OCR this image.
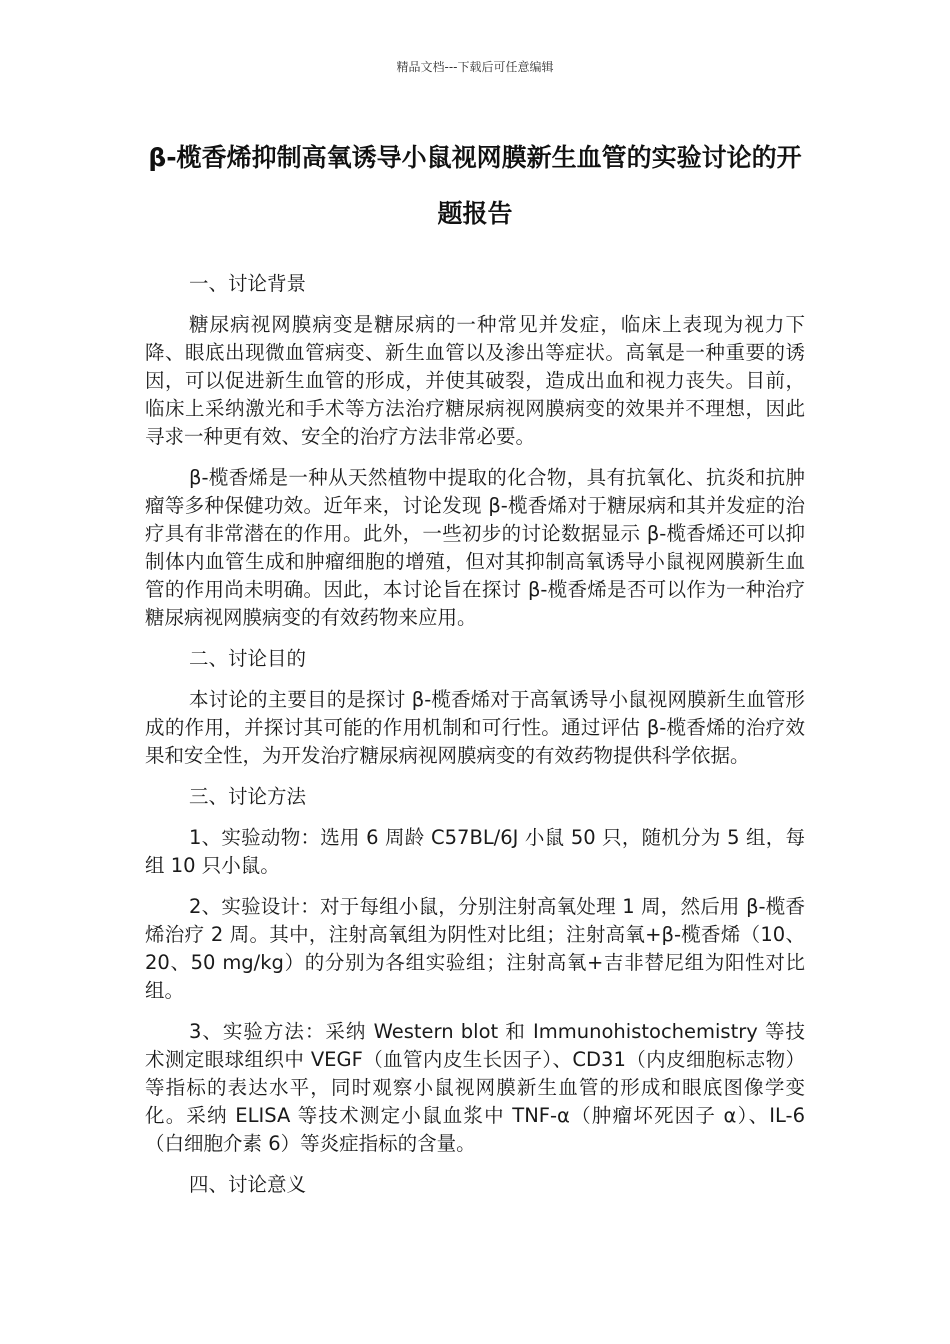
精品文档---下载后可任意编辑
β-榄香烯抑制高氧诱导小鼠视网膜新生血管的实验讨论的开题报告
一、讨论背景
糖尿病视网膜病变是糖尿病的一种常见并发症，临床上表现为视力下降、眼底出现微血管病变、新生血管以及渗出等症状。高氧是一种重要的诱因，可以促进新生血管的形成，并使其破裂，造成出血和视力丧失。目前，临床上采纳激光和手术等方法治疗糖尿病视网膜病变的效果并不理想，因此寻求一种更有效、安全的治疗方法非常必要。
β-榄香烯是一种从天然植物中提取的化合物，具有抗氧化、抗炎和抗肿瘤等多种保健功效。近年来，讨论发现 β-榄香烯对于糖尿病和其并发症的治疗具有非常潜在的作用。此外，一些初步的讨论数据显示 β-榄香烯还可以抑制体内血管生成和肿瘤细胞的增殖，但对其抑制高氧诱导小鼠视网膜新生血管的作用尚未明确。因此，本讨论旨在探讨 β-榄香烯是否可以作为一种治疗糖尿病视网膜病变的有效药物来应用。
二、讨论目的
本讨论的主要目的是探讨 β-榄香烯对于高氧诱导小鼠视网膜新生血管形成的作用，并探讨其可能的作用机制和可行性。通过评估 β-榄香烯的治疗效果和安全性，为开发治疗糖尿病视网膜病变的有效药物提供科学依据。
三、讨论方法
1、实验动物：选用 6 周龄 C57BL/6J 小鼠 50 只，随机分为 5 组，每组 10 只小鼠。
2、实验设计：对于每组小鼠，分别注射高氧处理 1 周，然后用 β-榄香烯治疗 2 周。其中，注射高氧组为阴性对比组；注射高氧+β-榄香烯（10、20、50 mg/kg）的分别为各组实验组；注射高氧+吉非替尼组为阳性对比组。
3、实验方法：采纳 Western blot 和 Immunohistochemistry 等技术测定眼球组织中 VEGF（血管内皮生长因子）、CD31（内皮细胞标志物）等指标的表达水平，同时观察小鼠视网膜新生血管的形成和眼底图像学变化。采纳 ELISA 等技术测定小鼠血浆中 TNF-α（肿瘤坏死因子 α）、IL-6（白细胞介素 6）等炎症指标的含量。
四、讨论意义
